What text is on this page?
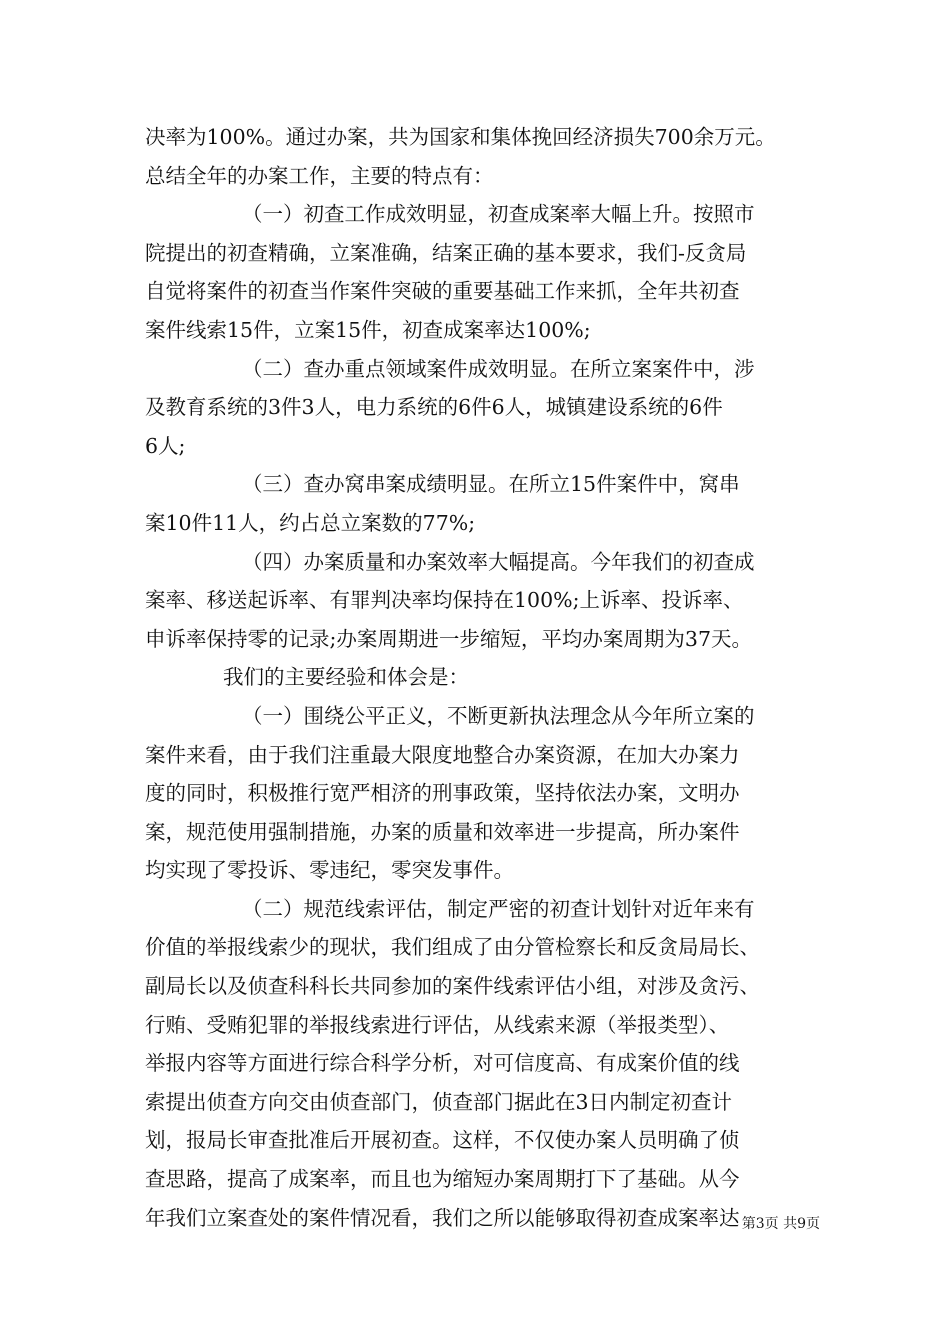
决率为100%。通过办案，共为国家和集体挽回经济损失700余万元。
总结全年的办案工作，主要的特点有：
（一）初查工作成效明显，初查成案率大幅上升。按照市
院提出的初查精确，立案准确，结案正确的基本要求，我们-反贪局
自觉将案件的初查当作案件突破的重要基础工作来抓，全年共初查
案件线索15件，立案15件，初查成案率达100%;
（二）查办重点领域案件成效明显。在所立案案件中，涉
及教育系统的3件3人，电力系统的6件6人，城镇建设系统的6件
6人;
（三）查办窝串案成绩明显。在所立15件案件中，窝串
案10件11人，约占总立案数的77%;
（四）办案质量和办案效率大幅提高。今年我们的初查成
案率、移送起诉率、有罪判决率均保持在100%;上诉率、投诉率、
申诉率保持零的记录;办案周期进一步缩短，平均办案周期为37天。
我们的主要经验和体会是：
（一）围绕公平正义，不断更新执法理念从今年所立案的
案件来看，由于我们注重最大限度地整合办案资源，在加大办案力
度的同时，积极推行宽严相济的刑事政策，坚持依法办案，文明办
案，规范使用强制措施，办案的质量和效率进一步提高，所办案件
均实现了零投诉、零违纪，零突发事件。
（二）规范线索评估，制定严密的初查计划针对近年来有
价值的举报线索少的现状，我们组成了由分管检察长和反贪局局长、
副局长以及侦查科科长共同参加的案件线索评估小组，对涉及贪污、
行贿、受贿犯罪的举报线索进行评估，从线索来源（举报类型）、
举报内容等方面进行综合科学分析，对可信度高、有成案价值的线
索提出侦查方向交由侦查部门，侦查部门据此在3日内制定初查计
划，报局长审查批准后开展初查。这样，不仅使办案人员明确了侦
查思路，提高了成案率，而且也为缩短办案周期打下了基础。从今
年我们立案查处的案件情况看，我们之所以能够取得初查成案率达 第3页 共9页
